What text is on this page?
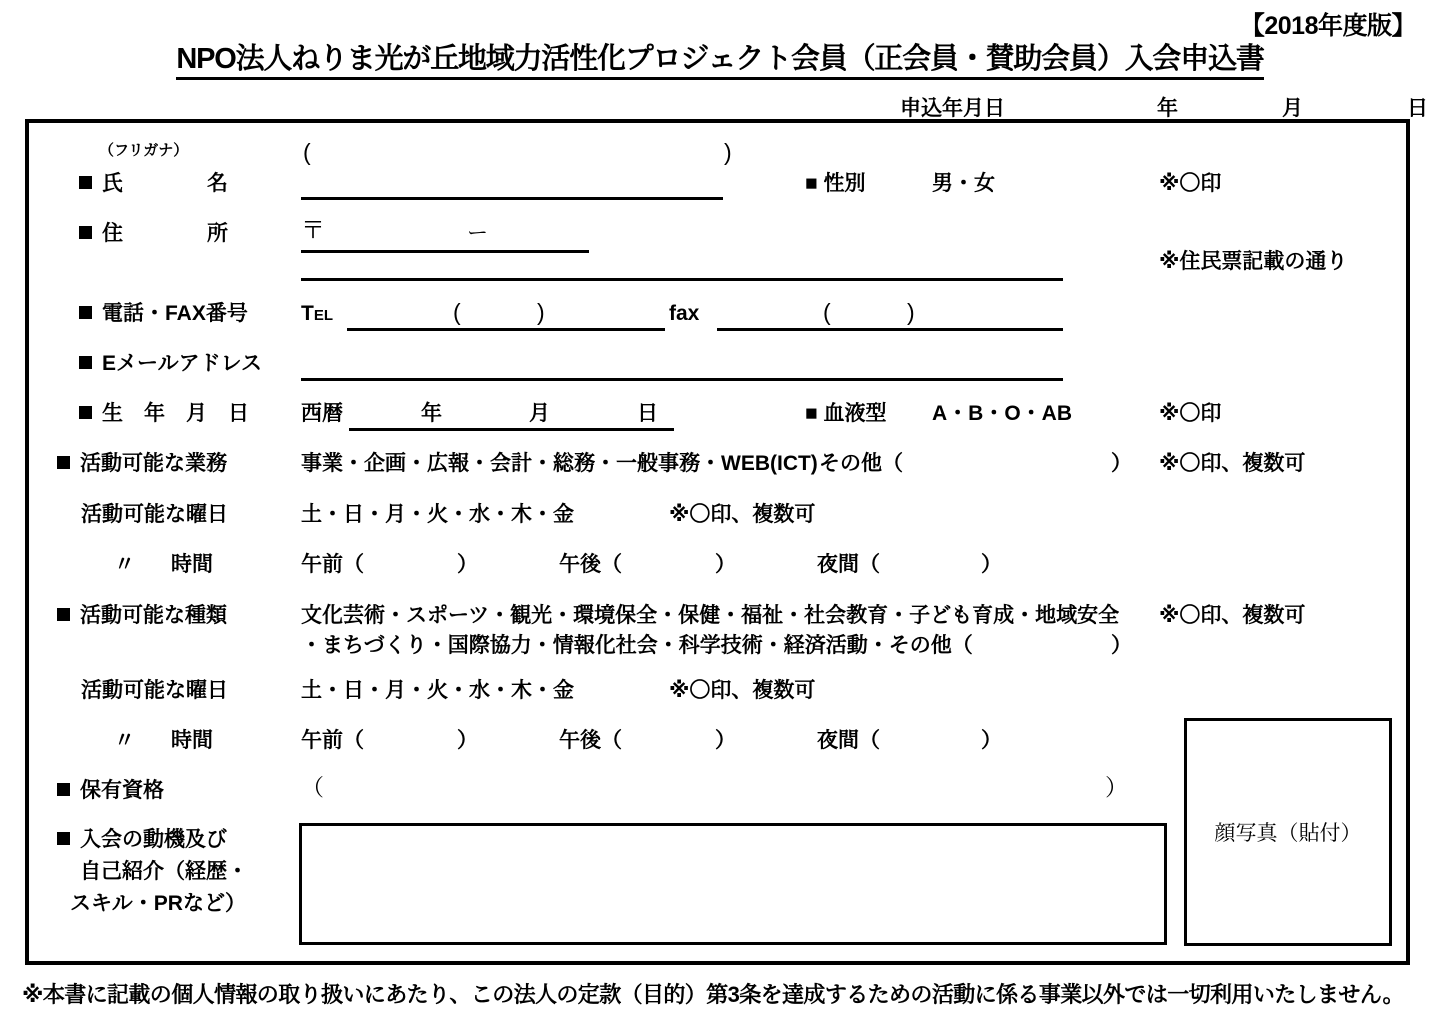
【2018年度版】
NPO法人ねりま光が丘地域力活性化プロジェクト会員（正会員・賛助会員）入会申込書
申込年月日	年	月	日
（フリガナ）	(	)
氏　　　　名	■ 性別	男・女	※〇印
住　　　　所	〒	ー
※住民票記載の通り
電話・FAX番号	TEL	(	)	fax	(	)
Eメールアドレス
生　年　月　日 西暦	年	月	日	■ 血液型 A・B・O・AB	※〇印
活動可能な業務	事業・企画・広報・会計・総務・一般事務・WEB(ICT) その他（	） ※〇印、複数可
活動可能な曜日	土・日・月・火・水・木・金	※〇印、複数可
〃 時間	午前（	）	午後（	）	夜間（	）
活動可能な種類	文化芸術・スポーツ・観光・環境保全・保健・福祉・社会教育・子ども育成・地域安全
・まちづくり・国際協力・情報化社会・科学技術・経済活動・その他（	）
※〇印、複数可
活動可能な曜日	土・日・月・火・水・木・金	※〇印、複数可
〃 時間	午前（	）	午後（	）	夜間（	）
保有資格	（	）
入会の動機及び
自己紹介（経歴・
スキル・PRなど）
顔写真（貼付）
※本書に記載の個人情報の取り扱いにあたり、この法人の定款（目的）第3条を達成するための活動に係る事業以外では一切利用いたしません。
